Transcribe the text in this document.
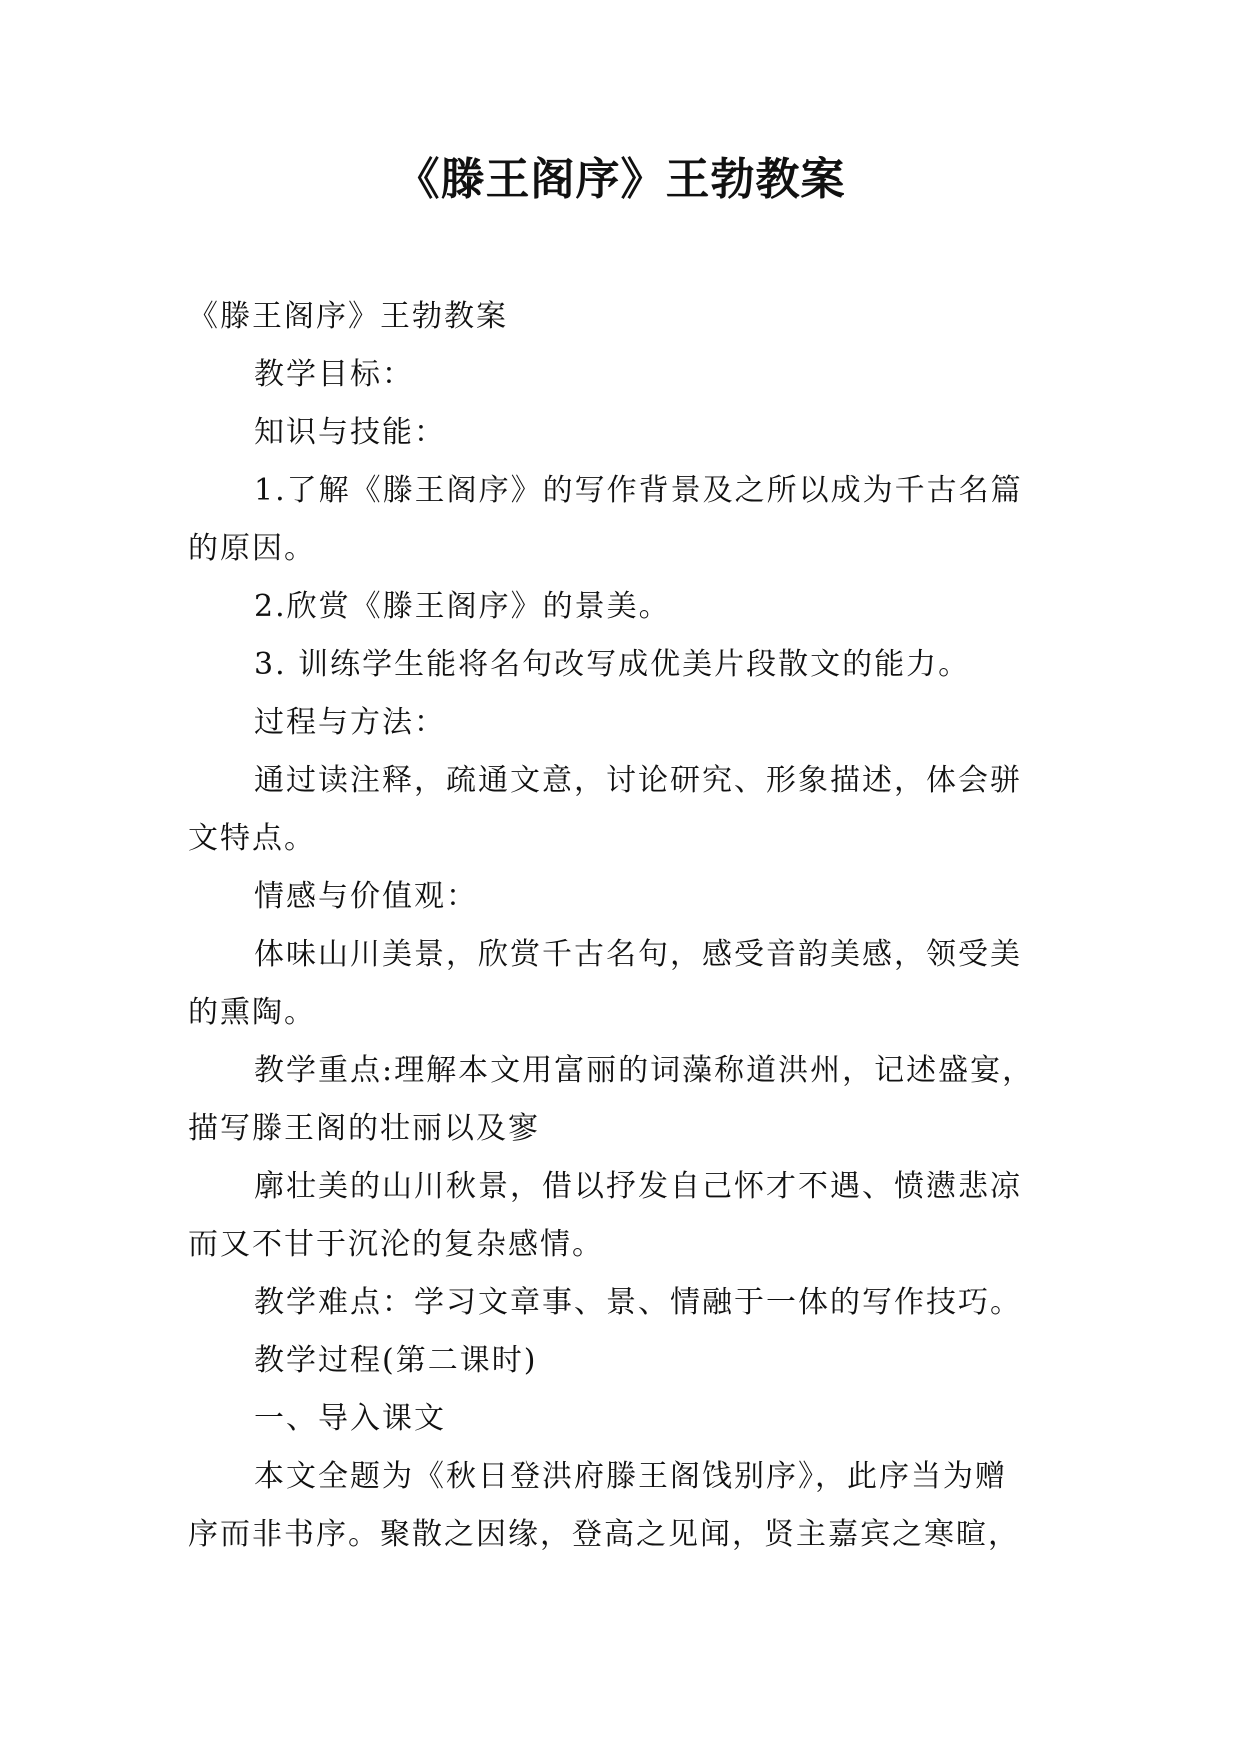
《滕王阁序》王勃教案
《滕王阁序》王勃教案
教学目标：
知识与技能：
1.了解《滕王阁序》的写作背景及之所以成为千古名篇
的原因。
2.欣赏《滕王阁序》的景美。
3. 训练学生能将名句改写成优美片段散文的能力。
过程与方法：
通过读注释，疏通文意，讨论研究、形象描述，体会骈
文特点。
情感与价值观：
体味山川美景，欣赏千古名句，感受音韵美感，领受美
的熏陶。
教学重点:理解本文用富丽的词藻称道洪州，记述盛宴，
描写滕王阁的壮丽以及寥
廓壮美的山川秋景，借以抒发自己怀才不遇、愤懑悲凉
而又不甘于沉沦的复杂感情。
教学难点：学习文章事、景、情融于一体的写作技巧。
教学过程(第二课时)
一、导入课文
本文全题为《秋日登洪府滕王阁饯别序》，此序当为赠
序而非书序。聚散之因缘，登高之见闻，贤主嘉宾之寒暄，
